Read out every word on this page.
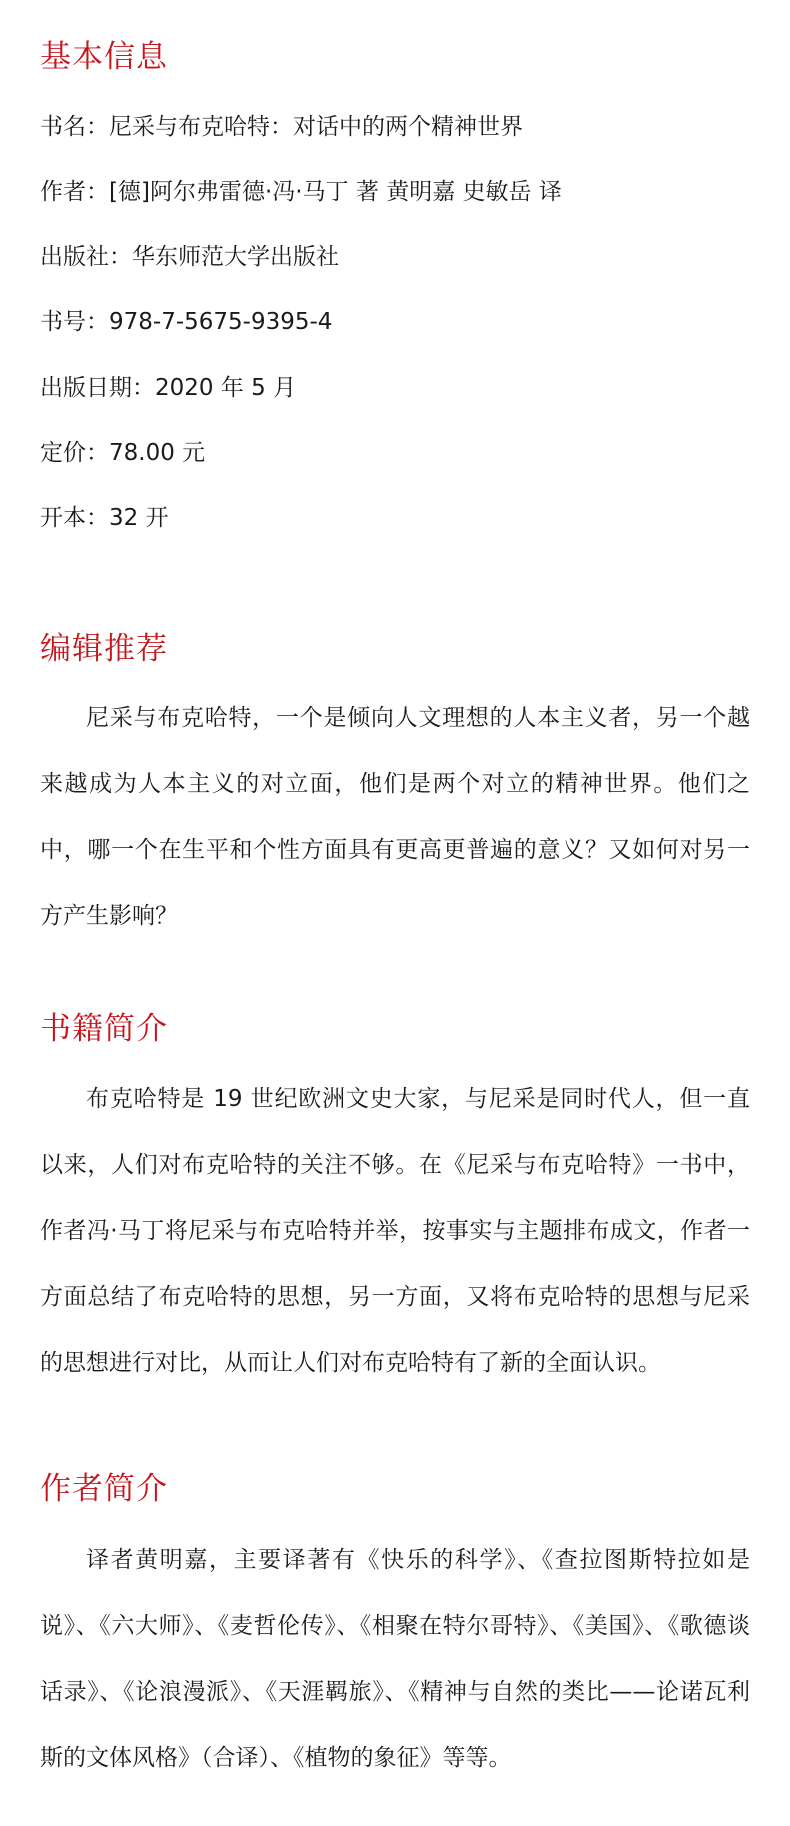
基本信息

书名：尼采与布克哈特：对话中的两个精神世界

作者：[德]阿尔弗雷德·冯·马丁 著 黄明嘉 史敏岳 译

出版社：华东师范大学出版社

书号：978-7-5675-9395-4

出版日期：2020 年 5 月

定价：78.00 元

开本：32 开

编辑推荐

尼采与布克哈特，一个是倾向人文理想的人本主义者，另一个越来越成为人本主义的对立面，他们是两个对立的精神世界。他们之中，哪一个在生平和个性方面具有更高更普遍的意义？又如何对另一方产生影响？

书籍简介

布克哈特是 19 世纪欧洲文史大家，与尼采是同时代人，但一直以来，人们对布克哈特的关注不够。在《尼采与布克哈特》一书中，作者冯·马丁将尼采与布克哈特并举，按事实与主题排布成文，作者一方面总结了布克哈特的思想，另一方面，又将布克哈特的思想与尼采的思想进行对比，从而让人们对布克哈特有了新的全面认识。

作者简介

译者黄明嘉，主要译著有《快乐的科学》、《查拉图斯特拉如是说》、《六大师》、《麦哲伦传》、《相聚在特尔哥特》、《美国》、《歌德谈话录》、《论浪漫派》、《天涯羁旅》、《精神与自然的类比——论诺瓦利斯的文体风格》（合译）、《植物的象征》等等。
